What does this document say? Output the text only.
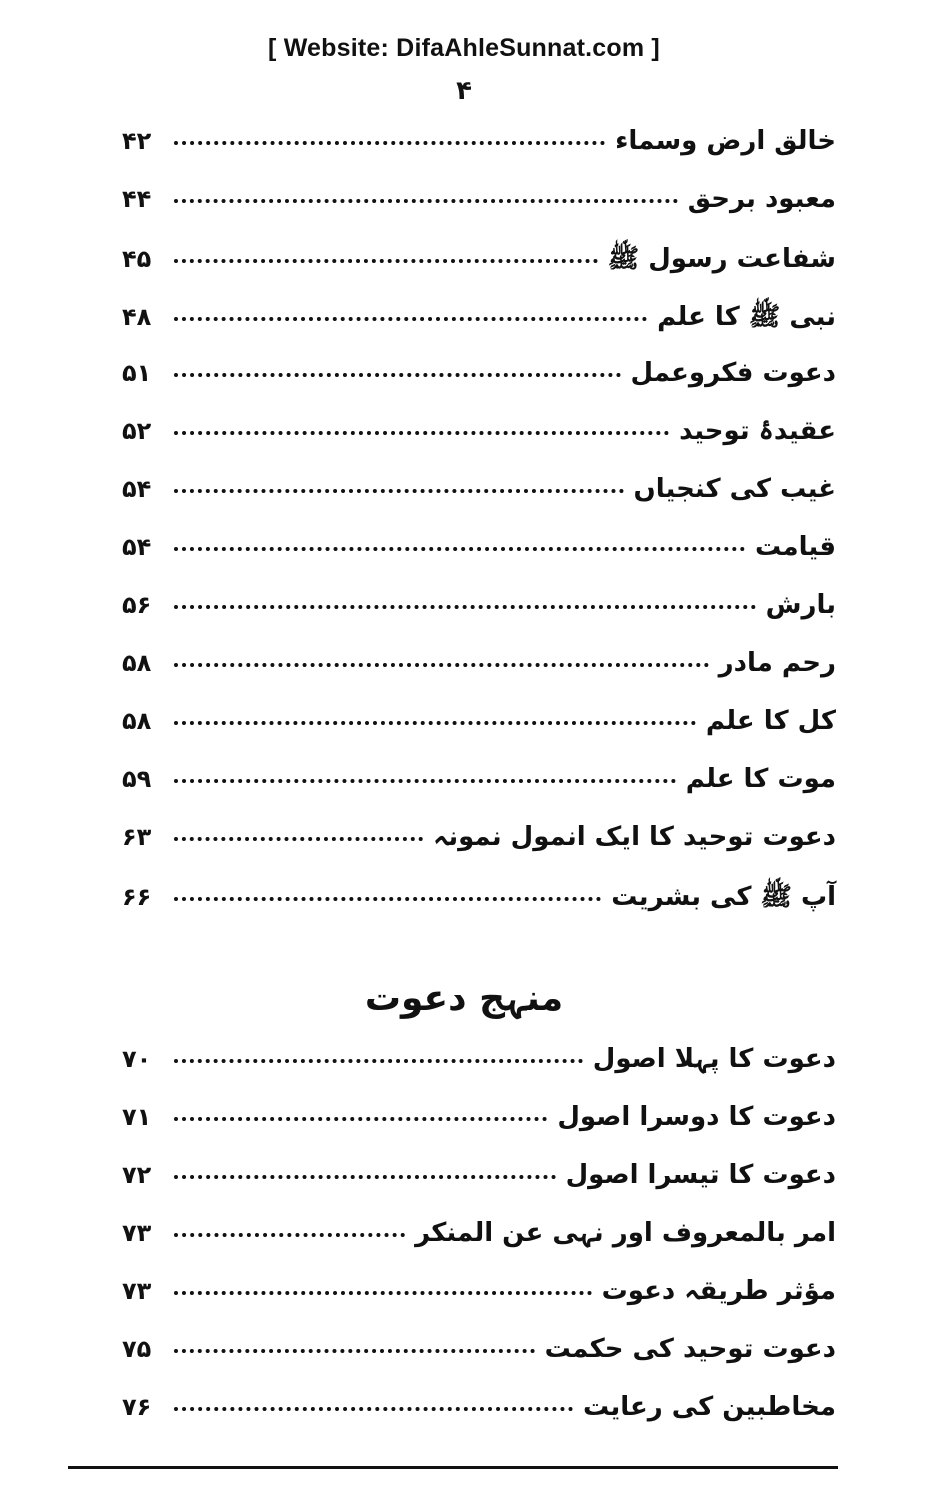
[ Website: DifaAhleSunnat.com ]
۴
خالق ارض وسماء
۴۲
معبود برحق
۴۴
شفاعت رسول ﷺ
۴۵
نبی ﷺ کا علم
۴۸
دعوت فکروعمل
۵۱
عقیدۂ توحید
۵۲
غیب کی کنجیاں
۵۴
قیامت
۵۴
بارش
۵۶
رحم مادر
۵۸
کل کا علم
۵۸
موت کا علم
۵۹
دعوت توحید کا ایک انمول نمونہ
۶۳
آپ ﷺ کی بشریت
۶۶
منہج دعوت
دعوت کا پہلا اصول
۷۰
دعوت کا دوسرا اصول
۷۱
دعوت کا تیسرا اصول
۷۲
امر بالمعروف اور نہی عن المنکر
۷۳
مؤثر طریقہ دعوت
۷۳
دعوت توحید کی حکمت
۷۵
مخاطبین کی رعایت
۷۶
